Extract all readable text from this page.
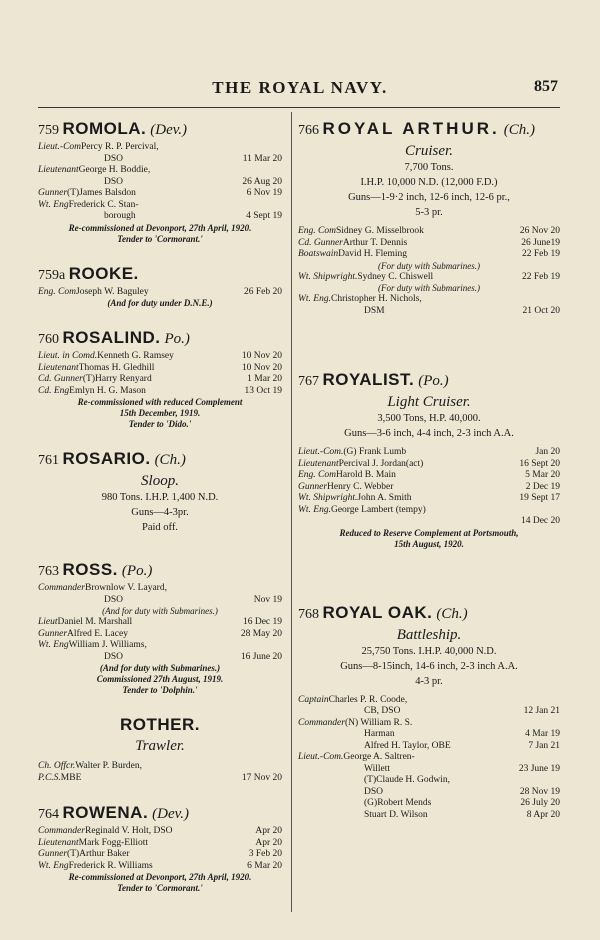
THE ROYAL NAVY.	857
759 ROMOLA. (Dev.)
Lieut.-Com Percy R. P. Percival,
DSO	11 Mar 20
Lieutenant George H. Boddie,
DSO	26 Aug 20
Gunner (T)James Balsdon	6 Nov 19
Wt. Eng Frederick C. Stan-
borough	4 Sept 19
Re-commissioned at Devonport, 27th April, 1920.
Tender to 'Cormorant.'
759a ROOKE.
Eng. Com Joseph W. Baguley	26 Feb 20
(And for duty under D.N.E.)
760 ROSALIND. Po.)
Lieut. in Comd. Kenneth G. Ramsey	10 Nov 20
Lieutenant Thomas H. Gledhill	10 Nov 20
Cd. Gunner (T)Harry Renyard	1 Mar 20
Cd. Eng Emlyn H. G. Mason	13 Oct 19
Re-commissioned with reduced Complement
15th December, 1919.
Tender to 'Dido.'
761 ROSARIO. (Ch.)
Sloop.
980 Tons. I.H.P. 1,400 N.D.
Guns—4-3pr.
Paid off.
763 ROSS. (Po.)
Commander Brownlow V. Layard,
DSO	Nov 19
(And for duty with Submarines.)
Lieut Daniel M. Marshall	16 Dec 19
Gunner Alfred E. Lacey	28 May 20
Wt. Eng William J. Williams,
DSO	16 June 20
(And for duty with Submarines.)
Commissioned 27th August, 1919.
Tender to 'Dolphin.'
ROTHER.
Trawler.
Ch. Offcr. Walter P. Burden,
P.C.S. MBE	17 Nov 20
764 ROWENA. (Dev.)
Commander Reginald V. Holt, DSO	Apr 20
Lieutenant Mark Fogg-Elliott	Apr 20
Gunner (T)Arthur Baker	3 Feb 20
Wt. Eng Frederick R. Williams	6 Mar 20
Re-commissioned at Devonport, 27th April, 1920.
Tender to 'Cormorant.'
766 ROYAL ARTHUR. (Ch.)
Cruiser.
7,700 Tons.
I.H.P. 10,000 N.D. (12,000 F.D.)
Guns—1-9·2 inch, 12-6 inch, 12-6 pr.,
5-3 pr.
Eng. Com Sidney G. Misselbrook	26 Nov 20
Cd. Gunner Arthur T. Dennis	26 June19
Boatswain David H. Fleming	22 Feb 19
(For duty with Submarines.)
Wt. Shipwright. Sydney C. Chiswell	22 Feb 19
(For duty with Submarines.)
Wt. Eng. Christopher H. Nichols,
DSM	21 Oct 20
767 ROYALIST. (Po.)
Light Cruiser.
3,500 Tons, H.P. 40,000.
Guns—3-6 inch, 4-4 inch, 2-3 inch A.A.
Lieut.-Com. (G) Frank Lumb	Jan 20
Lieutenant Percival J. Jordan(act)	16 Sept 20
Eng. Com Harold B. Main	5 Mar 20
Gunner Henry C. Webber	2 Dec 19
Wt. Shipwright. John A. Smith	19 Sept 17
Wt. Eng. George Lambert (tempy)
14 Dec 20
Reduced to Reserve Complement at Portsmouth,
15th August, 1920.
768 ROYAL OAK. (Ch.)
Battleship.
25,750 Tons. I.H.P. 40,000 N.D.
Guns—8-15inch, 14-6 inch, 2-3 inch A.A.
4-3 pr.
Captain Charles P. R. Coode,
CB, DSO	12 Jan 21
Commander (N) William R. S.
Harman	4 Mar 19
Alfred H. Taylor, OBE	7 Jan 21
Lieut.-Com. George A. Saltren-
Willett	23 June 19
(T)Claude H. Godwin,
DSO	28 Nov 19
(G)Robert Mends	26 July 20
Stuart D. Wilson	8 Apr 20
